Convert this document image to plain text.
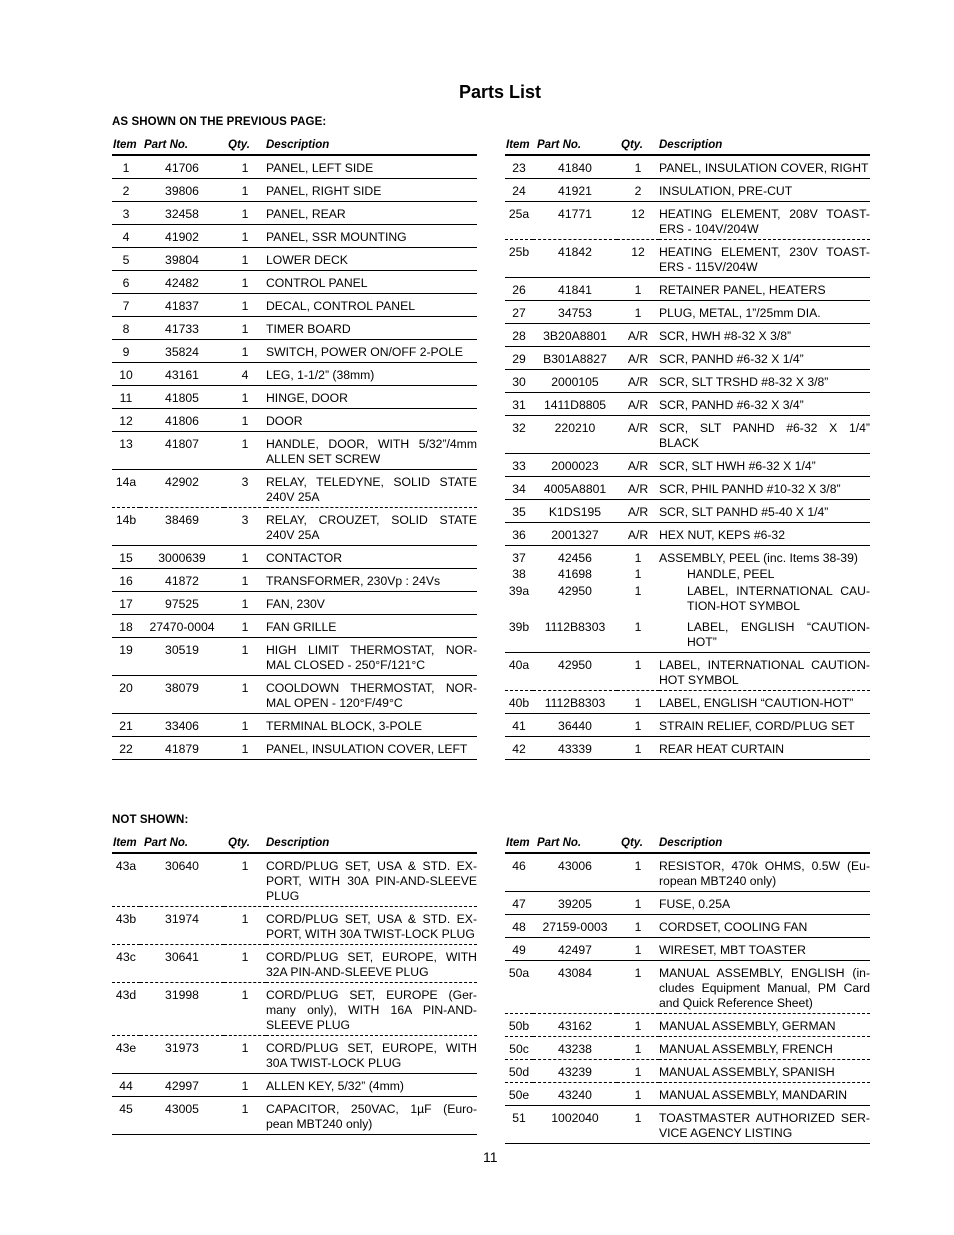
Parts List
AS SHOWN ON THE PREVIOUS PAGE:
Item	Part No.	Qty.	Description
1	41706	1	PANEL, LEFT SIDE
2	39806	1	PANEL, RIGHT SIDE
3	32458	1	PANEL, REAR
4	41902	1	PANEL, SSR MOUNTING
5	39804	1	LOWER DECK
6	42482	1	CONTROL PANEL
7	41837	1	DECAL, CONTROL PANEL
8	41733	1	TIMER BOARD
9	35824	1	SWITCH, POWER ON/OFF 2-POLE
10	43161	4	LEG, 1-1/2” (38mm)
11	41805	1	HINGE, DOOR
12	41806	1	DOOR
13	41807	1	HANDLE, DOOR, WITH 5/32”/4mm ALLEN SET SCREW
14a	42902	3	RELAY, TELEDYNE, SOLID STATE 240V 25A
14b	38469	3	RELAY, CROUZET, SOLID STATE 240V 25A
15	3000639	1	CONTACTOR
16	41872	1	TRANSFORMER, 230Vp : 24Vs
17	97525	1	FAN, 230V
18	27470-0004	1	FAN GRILLE
19	30519	1	HIGH LIMIT THERMOSTAT, NOR-MAL CLOSED - 250°F/121°C
20	38079	1	COOLDOWN THERMOSTAT, NOR-MAL OPEN - 120°F/49°C
21	33406	1	TERMINAL BLOCK, 3-POLE
22	41879	1	PANEL, INSULATION COVER, LEFT
Item	Part No.	Qty.	Description
23	41840	1	PANEL, INSULATION COVER, RIGHT
24	41921	2	INSULATION, PRE-CUT
25a	41771	12	HEATING ELEMENT, 208V TOAST-ERS - 104V/204W
25b	41842	12	HEATING ELEMENT, 230V TOAST-ERS - 115V/204W
26	41841	1	RETAINER PANEL, HEATERS
27	34753	1	PLUG, METAL, 1”/25mm DIA.
28	3B20A8801	A/R	SCR, HWH #8-32 X 3/8”
29	B301A8827	A/R	SCR, PANHD #6-32 X 1/4”
30	2000105	A/R	SCR, SLT TRSHD #8-32 X 3/8”
31	1411D8805	A/R	SCR, PANHD #6-32 X 3/4”
32	220210	A/R	SCR, SLT PANHD #6-32 X 1/4” BLACK
33	2000023	A/R	SCR, SLT HWH #6-32 X 1/4”
34	4005A8801	A/R	SCR, PHIL PANHD #10-32 X 3/8”
35	K1DS195	A/R	SCR, SLT PANHD #5-40 X 1/4”
36	2001327	A/R	HEX NUT, KEPS #6-32
37	42456	1	ASSEMBLY, PEEL (inc. Items 38-39)
38	41698	1	HANDLE, PEEL
39a	42950	1	LABEL, INTERNATIONAL CAU-TION-HOT SYMBOL
39b	1112B8303	1	LABEL, ENGLISH “CAUTION-HOT”
40a	42950	1	LABEL, INTERNATIONAL CAUTION-HOT SYMBOL
40b	1112B8303	1	LABEL, ENGLISH “CAUTION-HOT”
41	36440	1	STRAIN RELIEF, CORD/PLUG SET
42	43339	1	REAR HEAT CURTAIN
NOT SHOWN:
Item	Part No.	Qty.	Description
43a	30640	1	CORD/PLUG SET, USA & STD. EX-PORT, WITH 30A PIN-AND-SLEEVE PLUG
43b	31974	1	CORD/PLUG SET, USA & STD. EX-PORT, WITH 30A TWIST-LOCK PLUG
43c	30641	1	CORD/PLUG SET, EUROPE, WITH 32A PIN-AND-SLEEVE PLUG
43d	31998	1	CORD/PLUG SET, EUROPE (Ger-many only), WITH 16A PIN-AND-SLEEVE PLUG
43e	31973	1	CORD/PLUG SET, EUROPE, WITH 30A TWIST-LOCK PLUG
44	42997	1	ALLEN KEY, 5/32” (4mm)
45	43005	1	CAPACITOR, 250VAC, 1µF (Euro-pean MBT240 only)
Item	Part No.	Qty.	Description
46	43006	1	RESISTOR, 470k OHMS, 0.5W (Eu-ropean MBT240 only)
47	39205	1	FUSE, 0.25A
48	27159-0003	1	CORDSET, COOLING FAN
49	42497	1	WIRESET, MBT TOASTER
50a	43084	1	MANUAL ASSEMBLY, ENGLISH (in-cludes Equipment Manual, PM Card and Quick Reference Sheet)
50b	43162	1	MANUAL ASSEMBLY, GERMAN
50c	43238	1	MANUAL ASSEMBLY, FRENCH
50d	43239	1	MANUAL ASSEMBLY, SPANISH
50e	43240	1	MANUAL ASSEMBLY, MANDARIN
51	1002040	1	TOASTMASTER AUTHORIZED SER-VICE AGENCY LISTING
11
